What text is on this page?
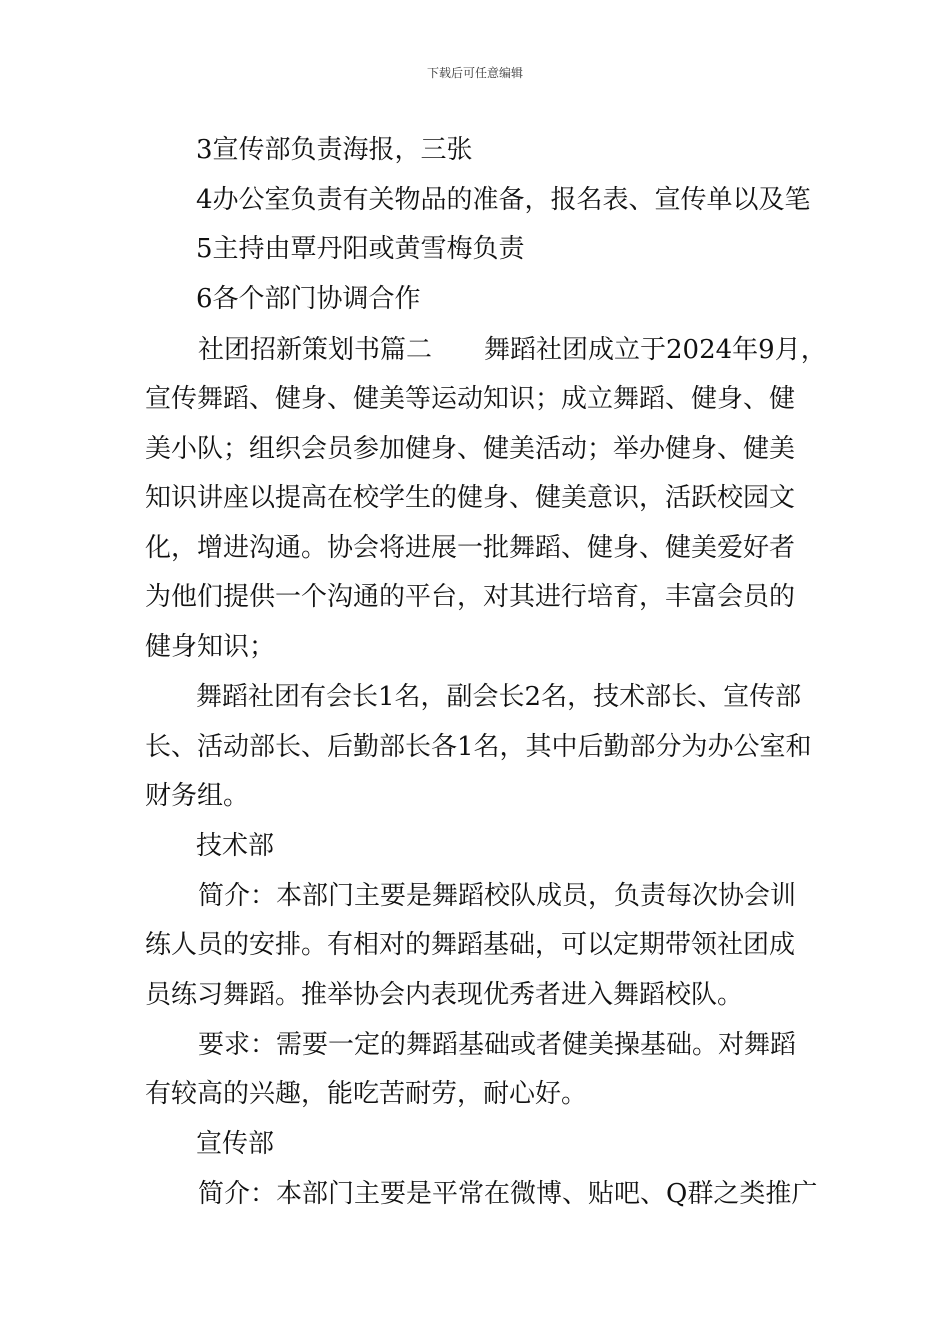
下载后可任意编辑
3宣传部负责海报，三张
4办公室负责有关物品的准备，报名表、宣传单以及笔
5主持由覃丹阳或黄雪梅负责
6各个部门协调合作
社团招新策划书篇二　　舞蹈社团成立于2024年9月，
宣传舞蹈、健身、健美等运动知识；成立舞蹈、健身、健
美小队；组织会员参加健身、健美活动；举办健身、健美
知识讲座以提高在校学生的健身、健美意识，活跃校园文
化，增进沟通。协会将进展一批舞蹈、健身、健美爱好者
为他们提供一个沟通的平台，对其进行培育，丰富会员的
健身知识；
舞蹈社团有会长1名，副会长2名，技术部长、宣传部
长、活动部长、后勤部长各1名，其中后勤部分为办公室和
财务组。
技术部
简介：本部门主要是舞蹈校队成员，负责每次协会训
练人员的安排。有相对的舞蹈基础，可以定期带领社团成
员练习舞蹈。推举协会内表现优秀者进入舞蹈校队。
要求：需要一定的舞蹈基础或者健美操基础。对舞蹈
有较高的兴趣，能吃苦耐劳，耐心好。
宣传部
简介：本部门主要是平常在微博、贴吧、Q群之类推广
